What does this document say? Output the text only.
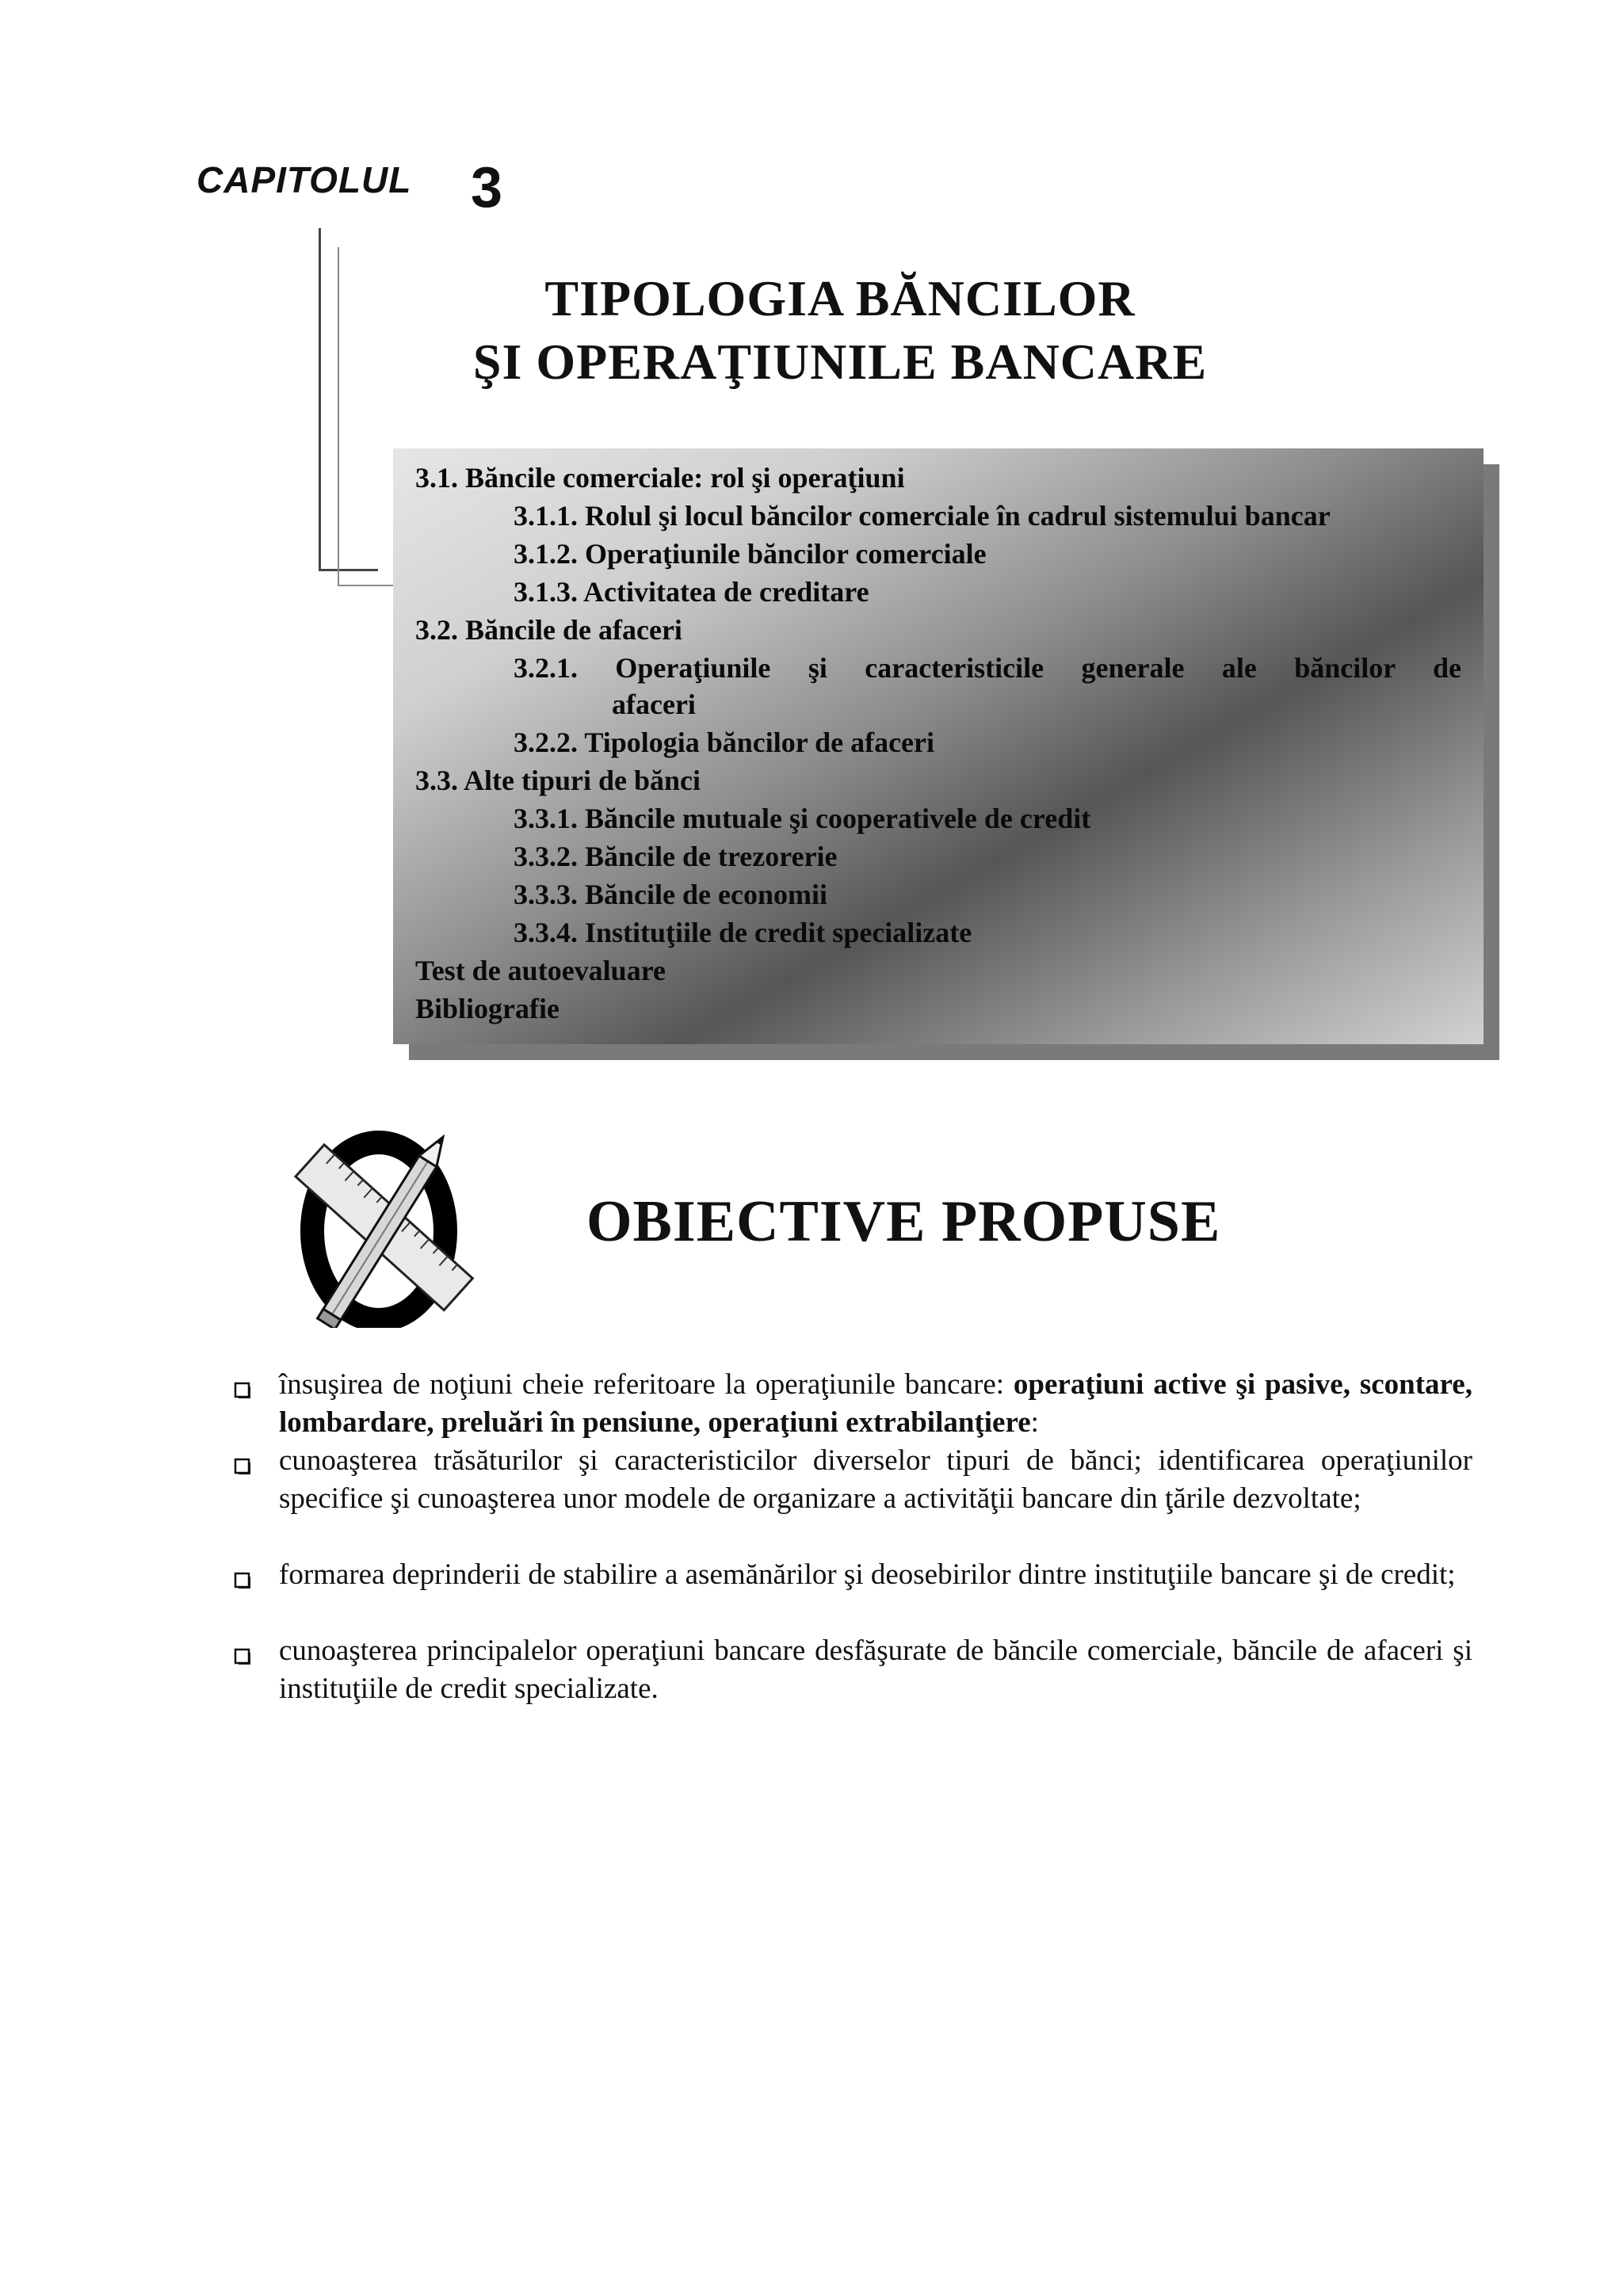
CAPITOLUL 3
TIPOLOGIA BĂNCILOR
ŞI OPERAŢIUNILE BANCARE
3.1. Băncile comerciale: rol şi operaţiuni
3.1.1. Rolul şi locul băncilor comerciale în cadrul sistemului bancar
3.1.2. Operaţiunile băncilor comerciale
3.1.3. Activitatea de creditare
3.2. Băncile de afaceri
3.2.1. Operaţiunile şi caracteristicile generale ale băncilor de
afaceri
3.2.2. Tipologia băncilor de afaceri
3.3. Alte tipuri de bănci
3.3.1. Băncile mutuale şi cooperativele de credit
3.3.2. Băncile de trezorerie
3.3.3. Băncile de economii
3.3.4. Instituţiile de credit specializate
Test de autoevaluare
Bibliografie
OBIECTIVE PROPUSE
însuşirea de noţiuni cheie referitoare la operaţiunile bancare: operaţiuni active şi pasive, scontare, lombardare, preluări în pensiune, operaţiuni extrabilanţiere:
cunoaşterea trăsăturilor şi caracteristicilor diverselor tipuri de bănci; identificarea operaţiunilor specifice şi cunoaşterea unor modele de organizare a activităţii bancare din ţările dezvoltate;
formarea deprinderii de stabilire a asemănărilor şi deosebirilor dintre instituţiile bancare şi de credit;
cunoaşterea principalelor operaţiuni bancare desfăşurate de băncile comerciale, băncile de afaceri şi instituţiile de credit specializate.
